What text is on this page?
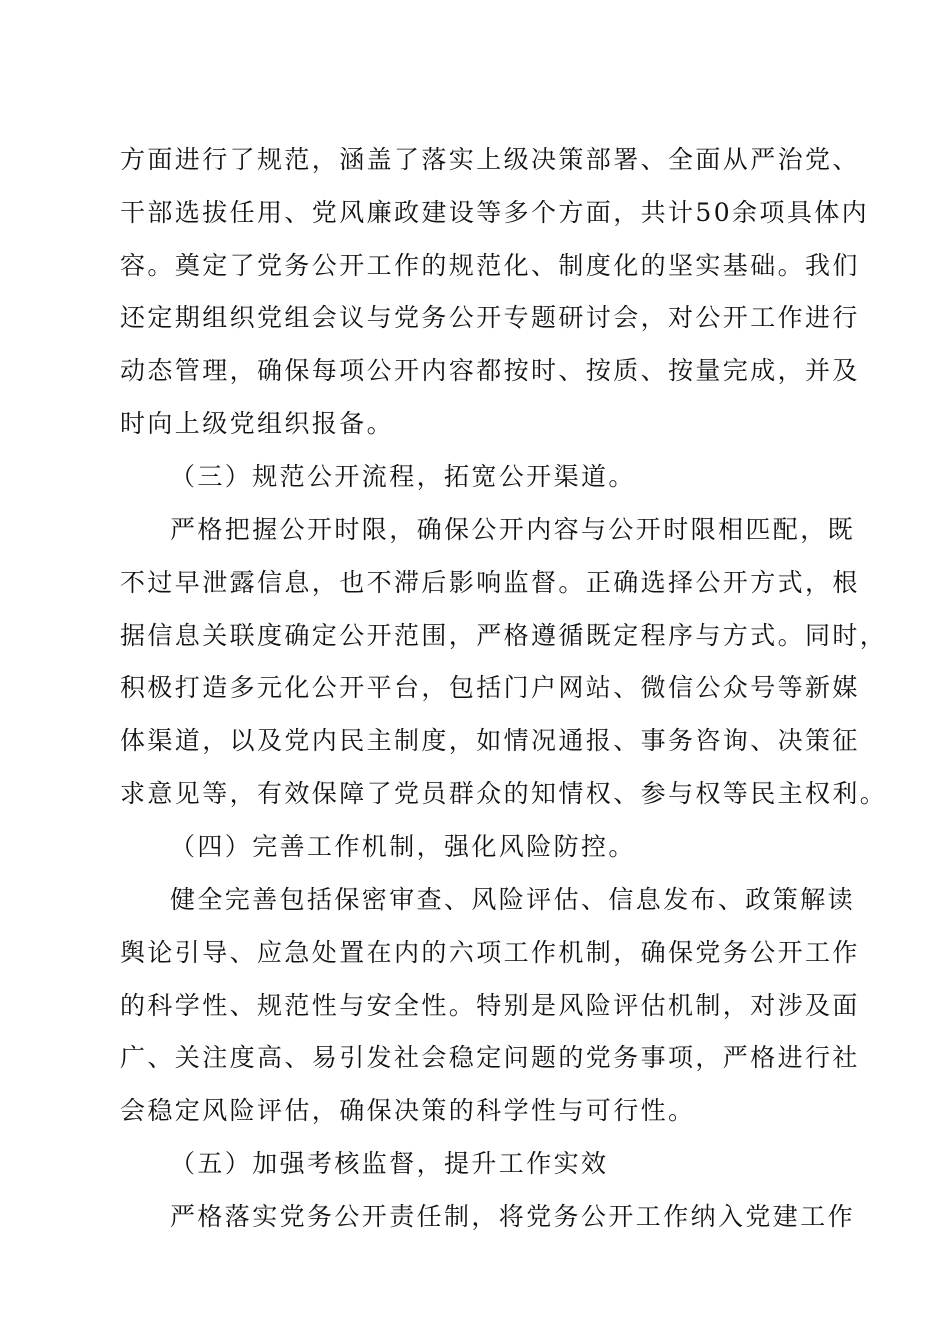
方面进行了规范，涵盖了落实上级决策部署、全面从严治党、
干部选拔任用、党风廉政建设等多个方面，共计50余项具体内
容。奠定了党务公开工作的规范化、制度化的坚实基础。我们
还定期组织党组会议与党务公开专题研讨会，对公开工作进行
动态管理，确保每项公开内容都按时、按质、按量完成，并及
时向上级党组织报备。
（三）规范公开流程，拓宽公开渠道。
严格把握公开时限，确保公开内容与公开时限相匹配，既
不过早泄露信息，也不滞后影响监督。正确选择公开方式，根
据信息关联度确定公开范围，严格遵循既定程序与方式。同时，
积极打造多元化公开平台，包括门户网站、微信公众号等新媒
体渠道，以及党内民主制度，如情况通报、事务咨询、决策征
求意见等，有效保障了党员群众的知情权、参与权等民主权利。
（四）完善工作机制，强化风险防控。
健全完善包括保密审查、风险评估、信息发布、政策解读
舆论引导、应急处置在内的六项工作机制，确保党务公开工作
的科学性、规范性与安全性。特别是风险评估机制，对涉及面
广、关注度高、易引发社会稳定问题的党务事项，严格进行社
会稳定风险评估，确保决策的科学性与可行性。
（五）加强考核监督，提升工作实效
严格落实党务公开责任制，将党务公开工作纳入党建工作
